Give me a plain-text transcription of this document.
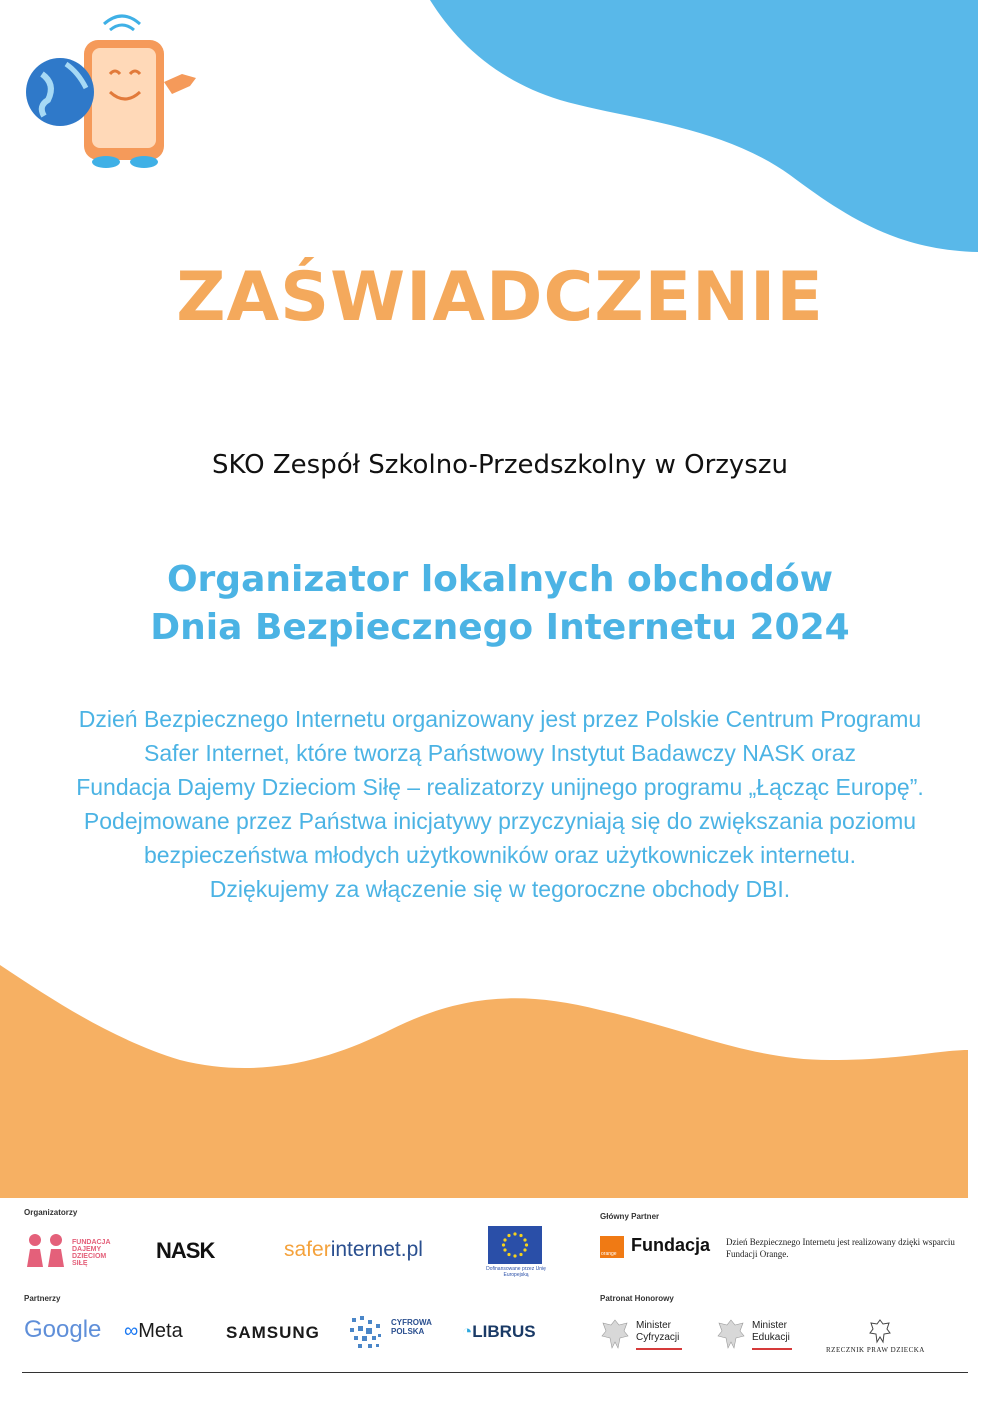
ZAŚWIADCZENIE
SKO Zespół Szkolno-Przedszkolny w Orzyszu
Organizator lokalnych obchodów
Dnia Bezpiecznego Internetu 2024
Dzień Bezpiecznego Internetu organizowany jest przez Polskie Centrum Programu
Safer Internet, które tworzą Państwowy Instytut Badawczy NASK oraz
Fundacja Dajemy Dzieciom Siłę – realizatorzy unijnego programu „Łącząc Europę”.
Podejmowane przez Państwa inicjatywy przyczyniają się do zwiększania poziomu
bezpieczeństwa młodych użytkowników oraz użytkowniczek internetu.
Dziękujemy za włączenie się w tegoroczne obchody DBI.
Organizatorzy	Główny Partner
Partnerzy	Patronat Honorowy
FUNDACJA
DAJEMY
DZIECIOM
SIŁĘ
NASK	saferinternet.pl
Dofinansowane przez Unię Europejską
orange Fundacja Dzień Bezpiecznego Internetu jest realizowany dzięki wsparciu Fundacji Orange.
Google ∞Meta	SAMSUNG
CYFROWA
POLSKA	◔LIBRUS	Minister
Cyfryzacji
Minister
Edukacji
RZECZNIK PRAW DZIECKA
